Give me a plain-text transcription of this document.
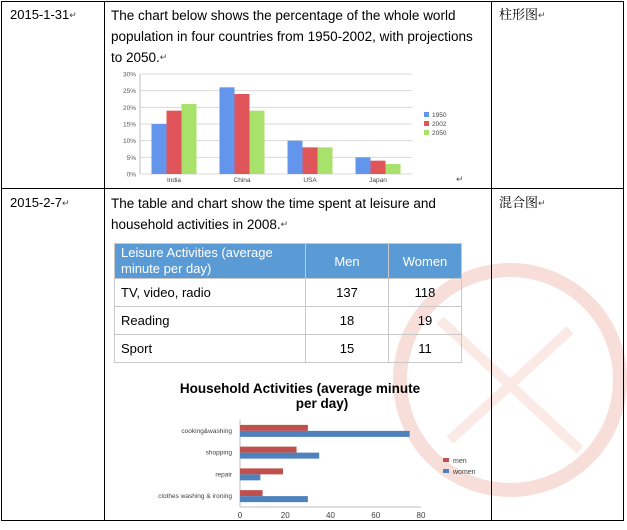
2015-1-31↵	The chart below shows the percentage of the whole world population in four countries from 1950-2002, with projections to 2050.↵
柱形图↵
0%
5%
10%
15%
20%
25%
30%
India	China	USA	Japan
1950
2002
2050
↵
2015-2-7↵	The table and chart show the time spent at leisure and household activities in 2008.↵
混合图↵
Leisure Activities (average minute per day)	Men	Women
TV, video, radio	137	118
Reading	18	19
Sport	15	11
Household Activities (average minute per day)
0	20	40	60	80
cooking&washing
shopping
repair
clothes washing & ironing
men
women
